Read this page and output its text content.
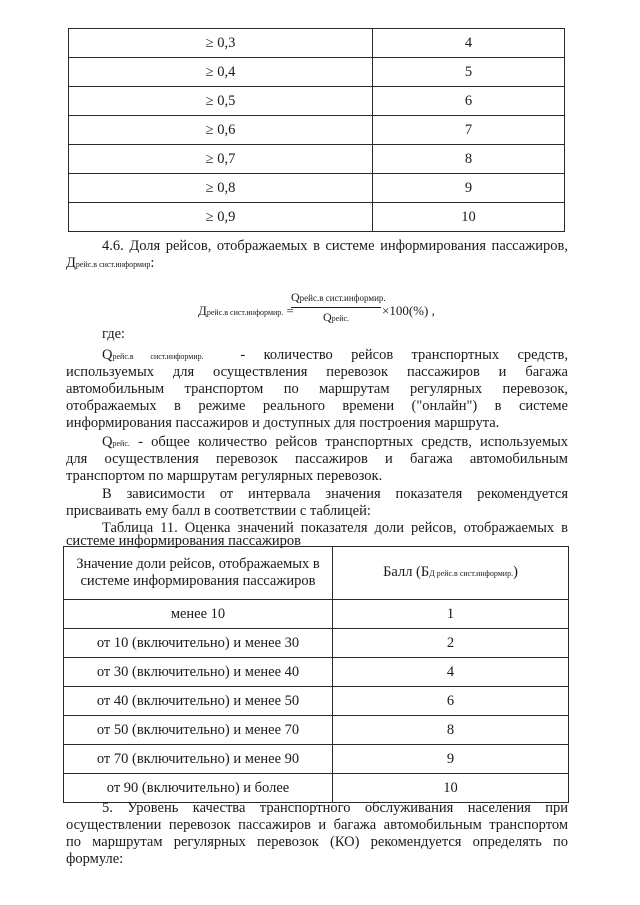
≥ 0,3	4
≥ 0,4	5
≥ 0,5	6
≥ 0,6	7
≥ 0,7	8
≥ 0,8	9
≥ 0,9	10
4.6. Доля рейсов, отображаемых в системе информирования пассажиров,
Дрейс.в сист.информир:
Дрейс.в сист.информир. =
Qрейс.в сист.информир.
Qрейс.
×100(%) ,
где:
Qрейс.в сист.информир.	- количество рейсов транспортных средств,
используемых для осуществления перевозок пассажиров и багажа
автомобильным транспортом по маршрутам регулярных перевозок,
отображаемых в режиме реального времени ("онлайн") в системе
информирования пассажиров и доступных для построения маршрута.
Qрейс. - общее количество рейсов транспортных средств, используемых
для осуществления перевозок пассажиров и багажа автомобильным
транспортом по маршрутам регулярных перевозок.
В зависимости от интервала значения показателя рекомендуется
присваивать ему балл в соответствии с таблицей:
Таблица 11. Оценка значений показателя доли рейсов, отображаемых в
системе информирования пассажиров
Значение доли рейсов, отображаемых в
системе информирования пассажиров	Балл (БД рейс.в сист.информир.)
менее 10	1
от 10 (включительно) и менее 30	2
от 30 (включительно) и менее 40	4
от 40 (включительно) и менее 50	6
от 50 (включительно) и менее 70	8
от 70 (включительно) и менее 90	9
от 90 (включительно) и более	10
5. Уровень качества транспортного обслуживания населения при
осуществлении перевозок пассажиров и багажа автомобильным транспортом
по маршрутам регулярных перевозок (КО) рекомендуется определять по
формуле:
